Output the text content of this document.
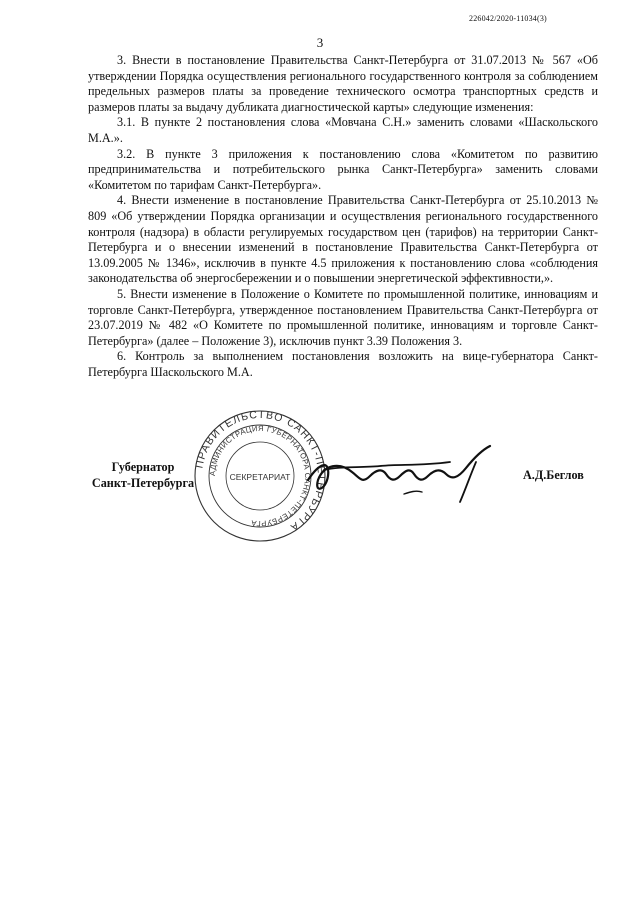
226042/2020-11034(3)
3

3. Внести в постановление Правительства Санкт-Петербурга от 31.07.2013 № 567 «Об утверждении Порядка осуществления регионального государственного контроля за соблюдением предельных размеров платы за проведение технического осмотра транспортных средств и размеров платы за выдачу дубликата диагностической карты» следующие изменения:

3.1. В пункте 2 постановления слова «Мовчана С.Н.» заменить словами «Шаскольского М.А.».

3.2. В пункте 3 приложения к постановлению слова «Комитетом по развитию предпринимательства и потребительского рынка Санкт-Петербурга» заменить словами «Комитетом по тарифам Санкт-Петербурга».

4. Внести изменение в постановление Правительства Санкт-Петербурга от 25.10.2013 № 809 «Об утверждении Порядка организации и осуществления регионального государственного контроля (надзора) в области регулируемых государством цен (тарифов) на территории Санкт-Петербурга и о внесении изменений в постановление Правительства Санкт-Петербурга от 13.09.2005 № 1346», исключив в пункте 4.5 приложения к постановлению слова «соблюдения законодательства об энергосбережении и о повышении энергетической эффективности,».

5. Внести изменение в Положение о Комитете по промышленной политике, инновациям и торговле Санкт-Петербурга, утвержденное постановлением Правительства Санкт-Петербурга от 23.07.2019 № 482 «О Комитете по промышленной политике, инновациям и торговле Санкт-Петербурга» (далее – Положение 3), исключив пункт 3.39 Положения 3.

6. Контроль за выполнением постановления возложить на вице-губернатора Санкт-Петербурга Шаскольского М.А.

Губернатор
Санкт-Петербурга
ПРАВИТЕЛЬСТВО САНКТ-ПЕТЕРБУРГА
АДМИНИСТРАЦИЯ ГУБЕРНАТОРА САНКТ-ПЕТЕРБУРГА
СЕКРЕТАРИАТ	А.Д.Беглов
